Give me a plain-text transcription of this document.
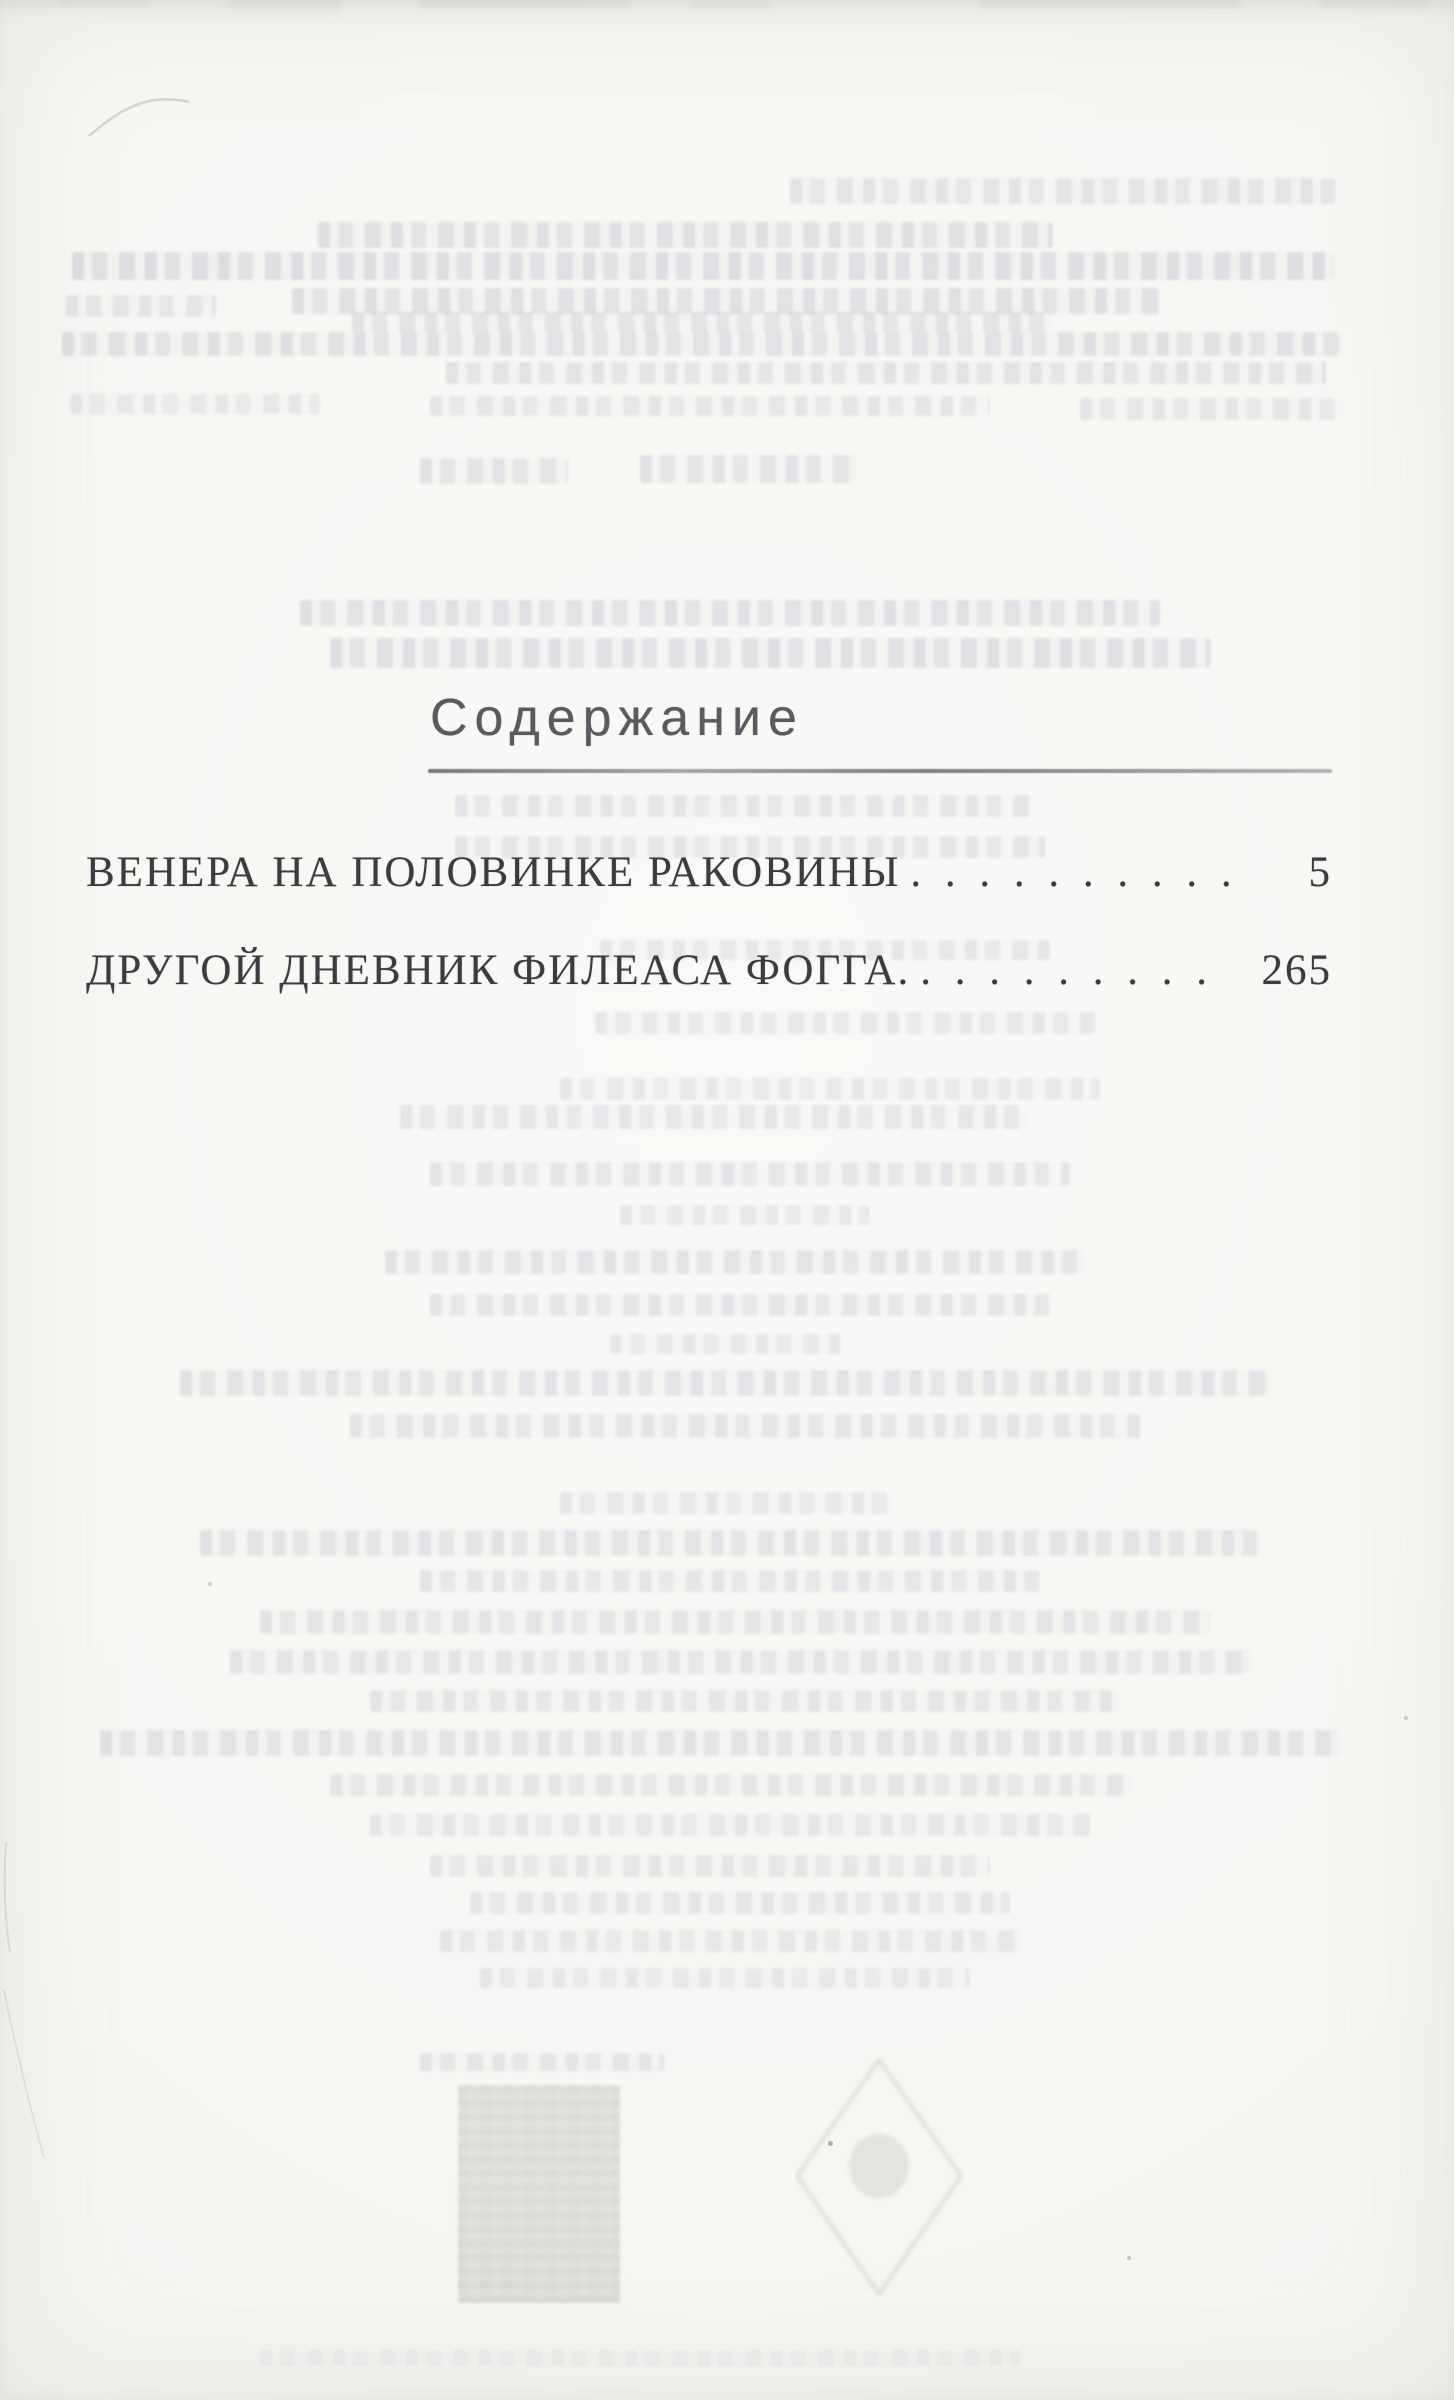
Содержание
ВЕНЕРА НА ПОЛОВИНКЕ РАКОВИНЫ . . . . . . . . . .	5
ДРУГОЙ ДНЕВНИК ФИЛЕАСА ФОГГА. . . . . . . . . .	265
